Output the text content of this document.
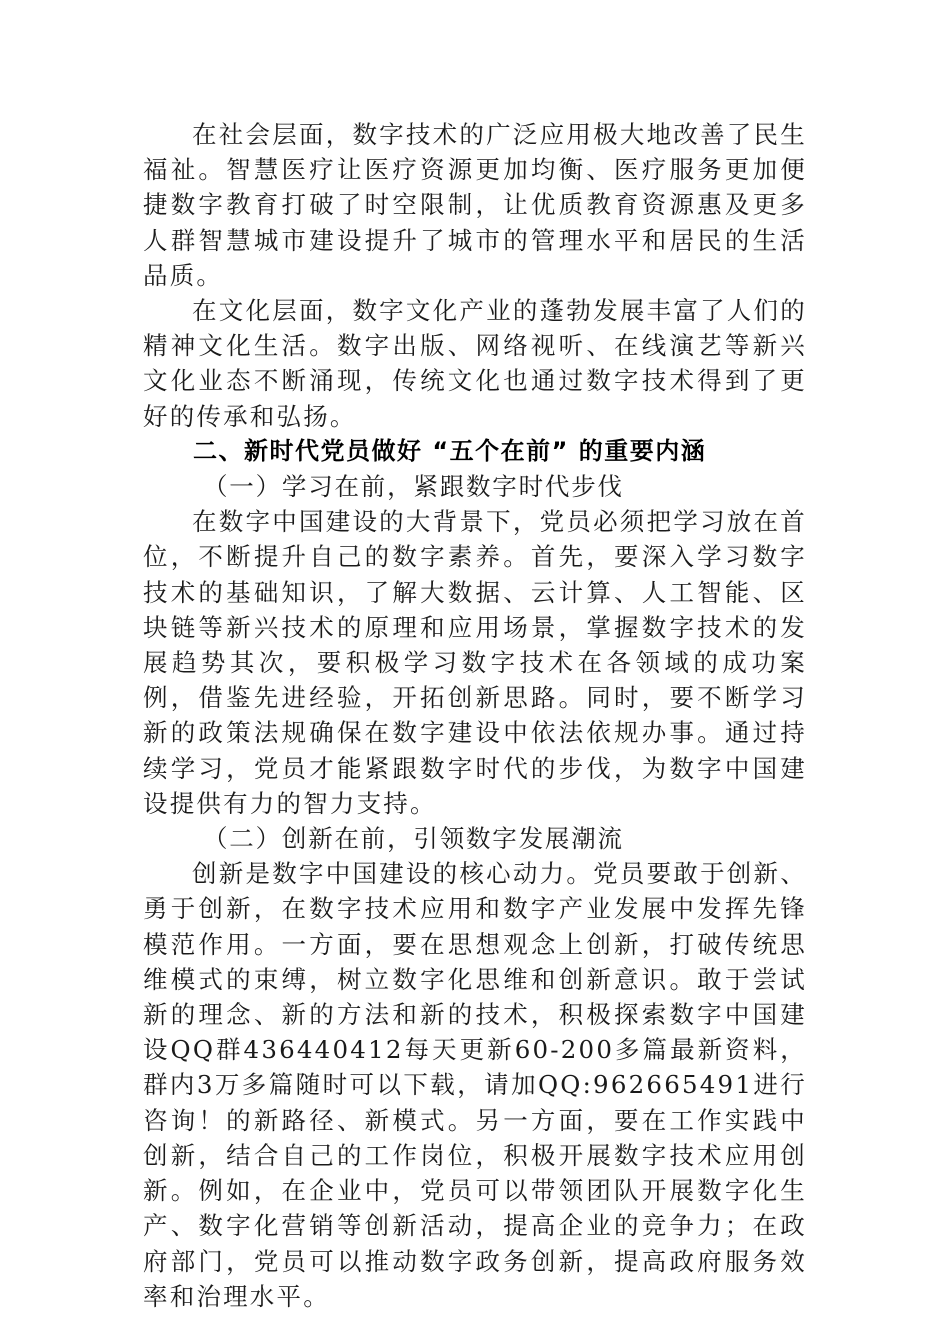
在社会层面，数字技术的广泛应用极大地改善了民生福祉。智慧医疗让医疗资源更加均衡、医疗服务更加便捷数字教育打破了时空限制，让优质教育资源惠及更多人群智慧城市建设提升了城市的管理水平和居民的生活品质。

在文化层面，数字文化产业的蓬勃发展丰富了人们的精神文化生活。数字出版、网络视听、在线演艺等新兴文化业态不断涌现，传统文化也通过数字技术得到了更好的传承和弘扬。

二、新时代党员做好 “五个在前” 的重要内涵

（一）学习在前，紧跟数字时代步伐

在数字中国建设的大背景下，党员必须把学习放在首位，不断提升自己的数字素养。首先，要深入学习数字技术的基础知识，了解大数据、云计算、人工智能、区块链等新兴技术的原理和应用场景，掌握数字技术的发展趋势其次，要积极学习数字技术在各领域的成功案例，借鉴先进经验，开拓创新思路。同时，要不断学习新的政策法规确保在数字建设中依法依规办事。通过持续学习，党员才能紧跟数字时代的步伐，为数字中国建设提供有力的智力支持。

（二）创新在前，引领数字发展潮流

创新是数字中国建设的核心动力。党员要敢于创新、勇于创新，在数字技术应用和数字产业发展中发挥先锋模范作用。一方面，要在思想观念上创新，打破传统思维模式的束缚，树立数字化思维和创新意识。敢于尝试新的理念、新的方法和新的技术，积极探索数字中国建设QQ群436440412每天更新60-200多篇最新资料，群内3万多篇随时可以下载，请加QQ:962665491进行咨询！的新路径、新模式。另一方面，要在工作实践中创新，结合自己的工作岗位，积极开展数字技术应用创新。例如，在企业中，党员可以带领团队开展数字化生产、数字化营销等创新活动，提高企业的竞争力；在政府部门，党员可以推动数字政务创新，提高政府服务效率和治理水平。
